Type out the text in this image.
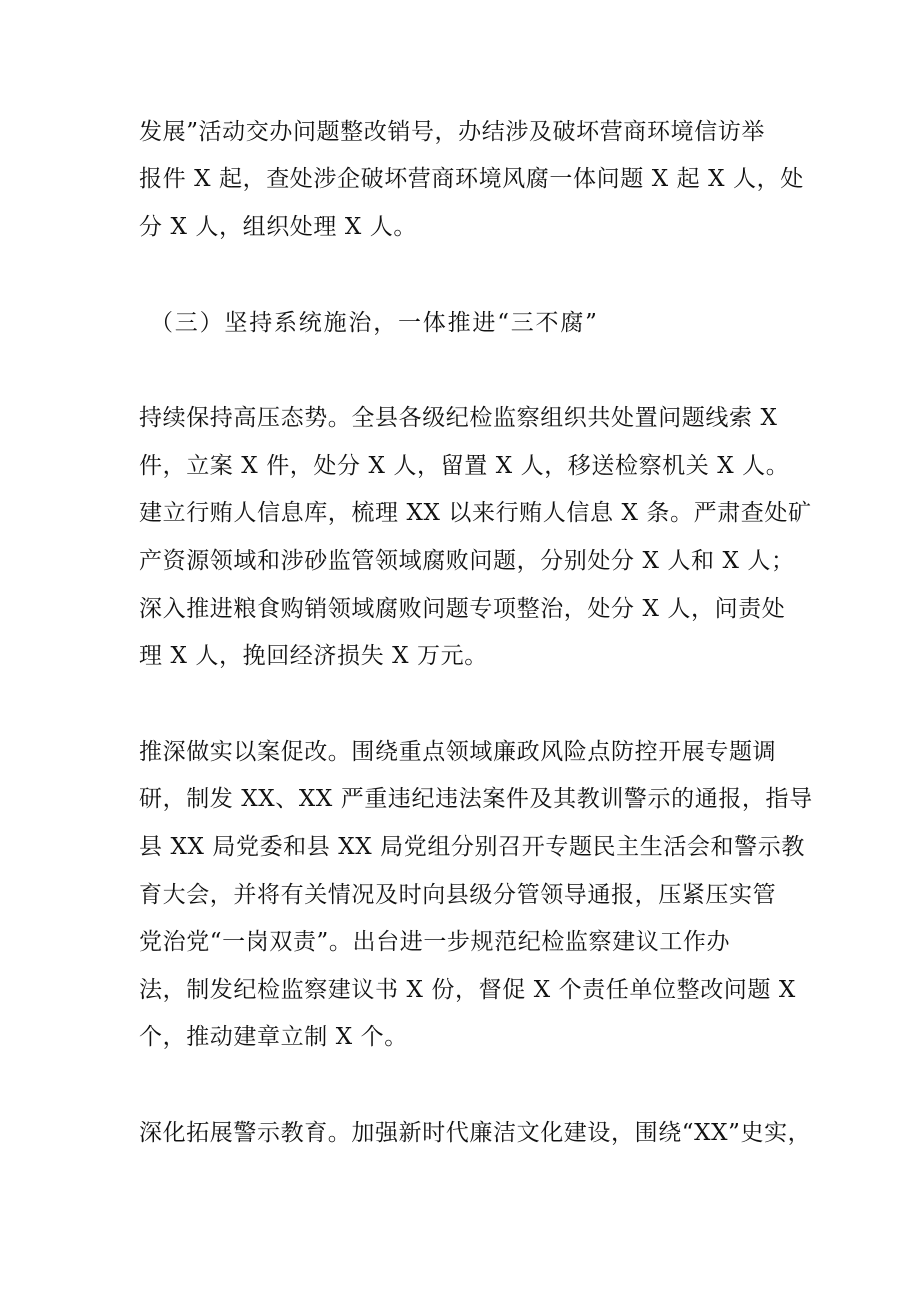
发展”活动交办问题整改销号，办结涉及破坏营商环境信访举
报件 X 起，查处涉企破坏营商环境风腐一体问题 X 起 X 人，处
分 X 人，组织处理 X 人。
（三）坚持系统施治，一体推进“三不腐”
持续保持高压态势。全县各级纪检监察组织共处置问题线索 X
件，立案 X 件，处分 X 人，留置 X 人，移送检察机关 X 人。
建立行贿人信息库，梳理 XX 以来行贿人信息 X 条。严肃查处矿
产资源领域和涉砂监管领域腐败问题，分别处分 X 人和 X 人；
深入推进粮食购销领域腐败问题专项整治，处分 X 人，问责处
理 X 人，挽回经济损失 X 万元。
推深做实以案促改。围绕重点领域廉政风险点防控开展专题调
研，制发 XX、XX 严重违纪违法案件及其教训警示的通报，指导
县 XX 局党委和县 XX 局党组分别召开专题民主生活会和警示教
育大会，并将有关情况及时向县级分管领导通报，压紧压实管
党治党“一岗双责”。出台进一步规范纪检监察建议工作办
法，制发纪检监察建议书 X 份，督促 X 个责任单位整改问题 X
个，推动建章立制 X 个。
深化拓展警示教育。加强新时代廉洁文化建设，围绕“XX”史实，
